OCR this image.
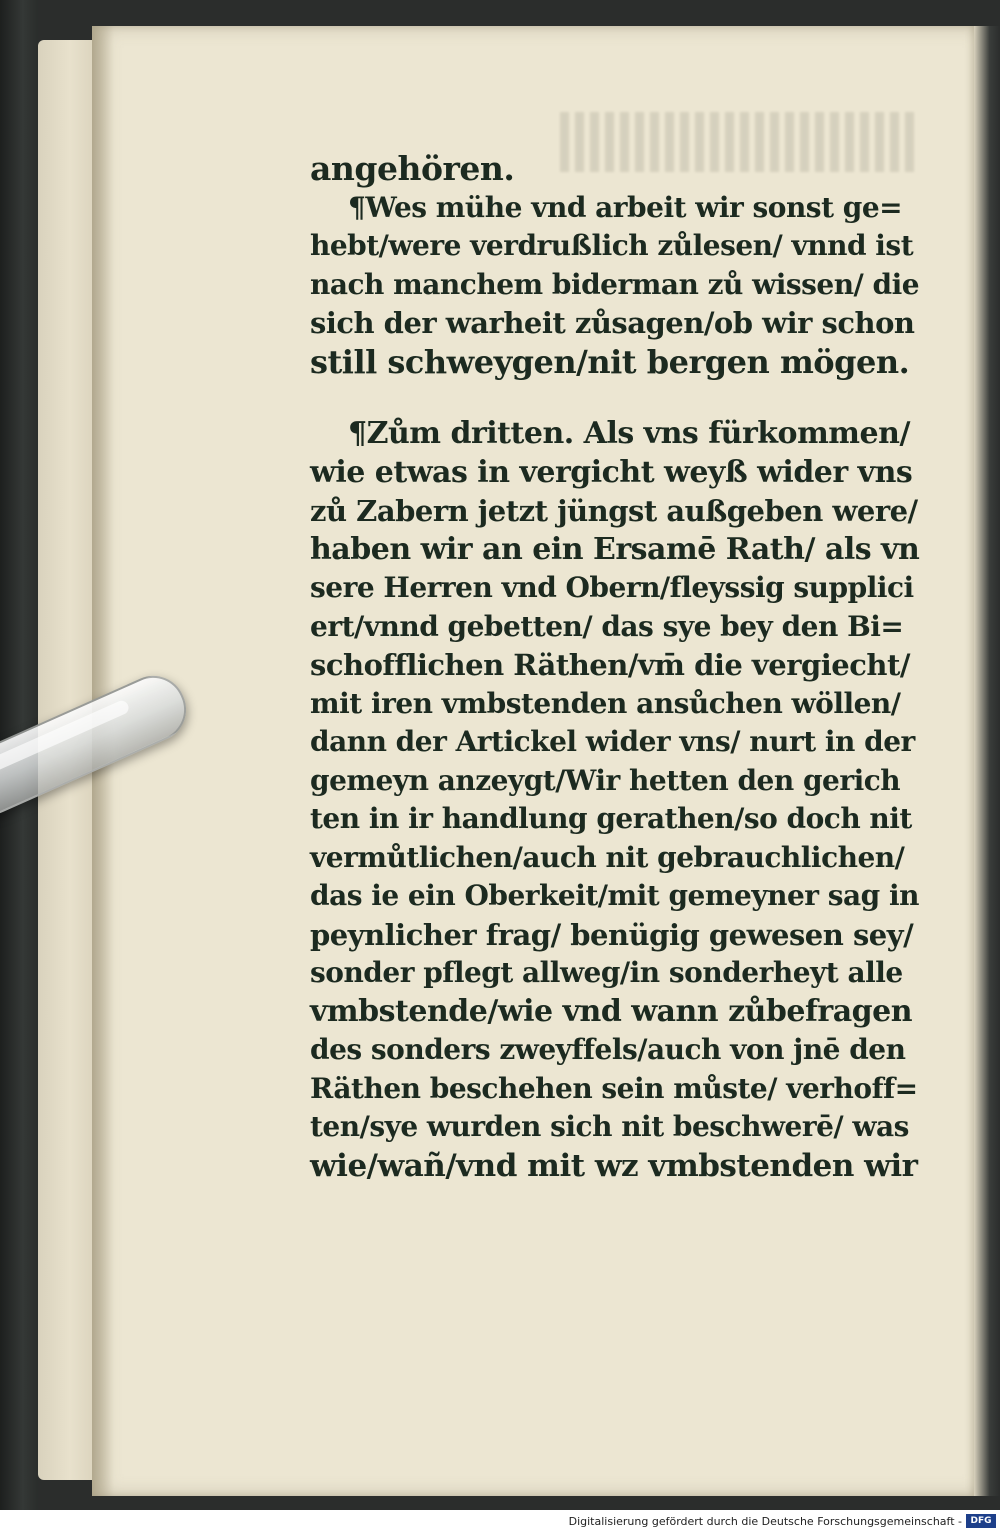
angehören.
¶Wes mühe vnd arbeit wir sonst ge=
hebt/were verdrußlich zůlesen/ vnnd ist
nach manchem biderman zů wissen/ die
sich der warheit zůsagen/ob wir schon
still schweygen/nit bergen mögen.
¶Zům dritten. Als vns fürkommen/
wie etwas in vergicht weyß wider vns
zů Zabern jetzt jüngst außgeben were/
haben wir an ein Ersamē Rath/ als vn
sere Herren vnd Obern/fleyssig supplici
ert/vnnd gebetten/ das sye bey den Bi=
schofflichen Räthen/vm̄ die vergiecht/
mit iren vmbstenden ansůchen wöllen/
dann der Artickel wider vns/ nurt in der
gemeyn anzeygt/Wir hetten den gerich
ten in ir handlung gerathen/so doch nit
vermůtlichen/auch nit gebrauchlichen/
das ie ein Oberkeit/mit gemeyner sag in
peynlicher frag/ benügig gewesen sey/
sonder pflegt allweg/in sonderheyt alle
vmbstende/wie vnd wann zůbefragen
des sonders zweyffels/auch von jnē den
Räthen beschehen sein můste/ verhoff=
ten/sye wurden sich nit beschwerē/ was
wie/wañ/vnd mit wz vmbstenden wir
Digitalisierung gefördert durch die Deutsche Forschungsgemeinschaft - DFG
